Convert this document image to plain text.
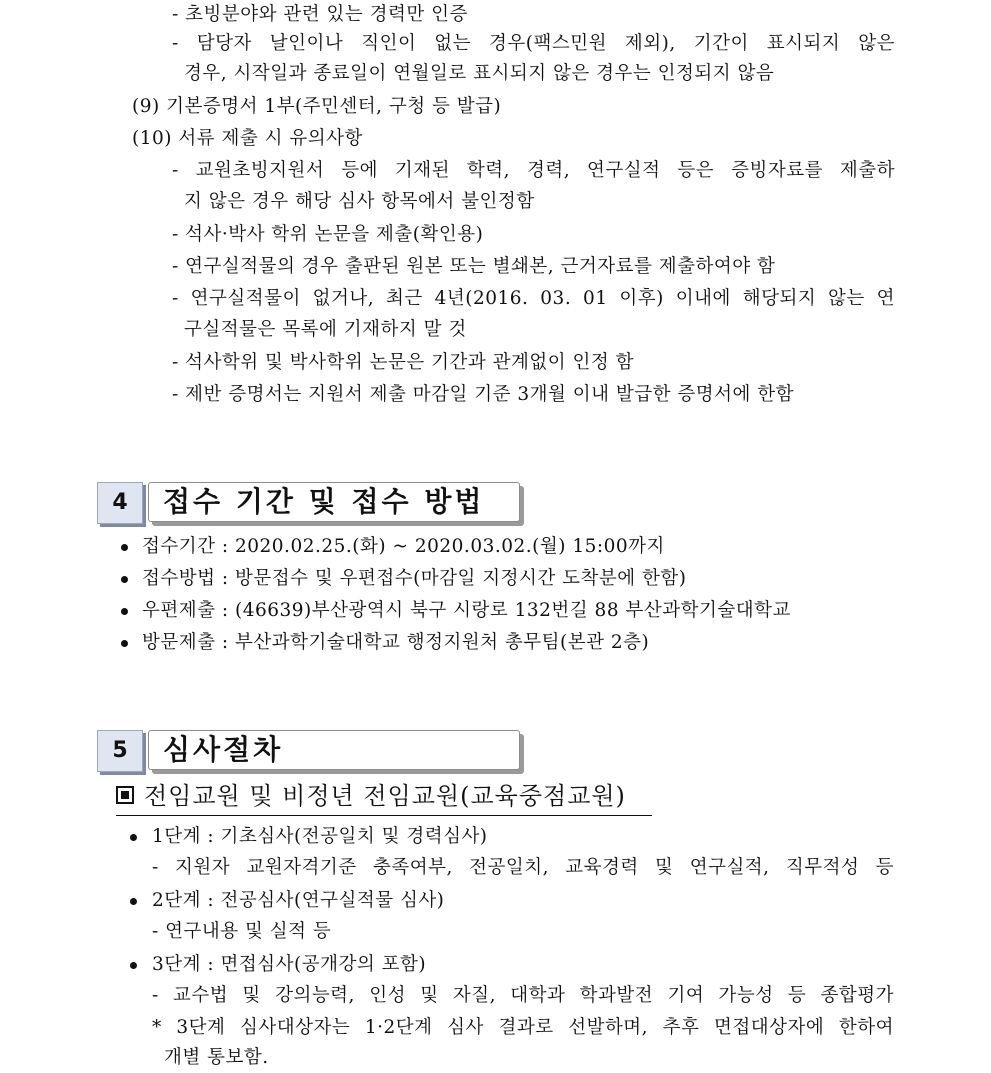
- 초빙분야와 관련 있는 경력만 인증
- 담당자 날인이나 직인이 없는 경우(팩스민원 제외), 기간이 표시되지 않은
경우, 시작일과 종료일이 연월일로 표시되지 않은 경우는 인정되지 않음
(9) 기본증명서 1부(주민센터, 구청 등 발급)
(10) 서류 제출 시 유의사항
- 교원초빙지원서 등에 기재된 학력, 경력, 연구실적 등은 증빙자료를 제출하
지 않은 경우 해당 심사 항목에서 불인정함
- 석사·박사 학위 논문을 제출(확인용)
- 연구실적물의 경우 출판된 원본 또는 별쇄본, 근거자료를 제출하여야 함
- 연구실적물이 없거나, 최근 4년(2016. 03. 01 이후) 이내에 해당되지 않는 연
구실적물은 목록에 기재하지 말 것
- 석사학위 및 박사학위 논문은 기간과 관계없이 인정 함
- 제반 증명서는 지원서 제출 마감일 기준 3개월 이내 발급한 증명서에 한함
4	접수 기간 및 접수 방법
접수기간 : 2020.02.25.(화) ~ 2020.03.02.(월) 15:00까지
접수방법 : 방문접수 및 우편접수(마감일 지정시간 도착분에 한함)
우편제출 : (46639)부산광역시 북구 시랑로 132번길 88 부산과학기술대학교
방문제출 : 부산과학기술대학교 행정지원처 총무팀(본관 2층)
5	심사절차
전임교원 및 비정년 전임교원(교육중점교원)
1단계 : 기초심사(전공일치 및 경력심사)
- 지원자 교원자격기준 충족여부, 전공일치, 교육경력 및 연구실적, 직무적성 등
2단계 : 전공심사(연구실적물 심사)
- 연구내용 및 실적 등
3단계 : 면접심사(공개강의 포함)
- 교수법 및 강의능력, 인성 및 자질, 대학과 학과발전 기여 가능성 등 종합평가
* 3단계 심사대상자는 1·2단계 심사 결과로 선발하며, 추후 면접대상자에 한하여
개별 통보함.
